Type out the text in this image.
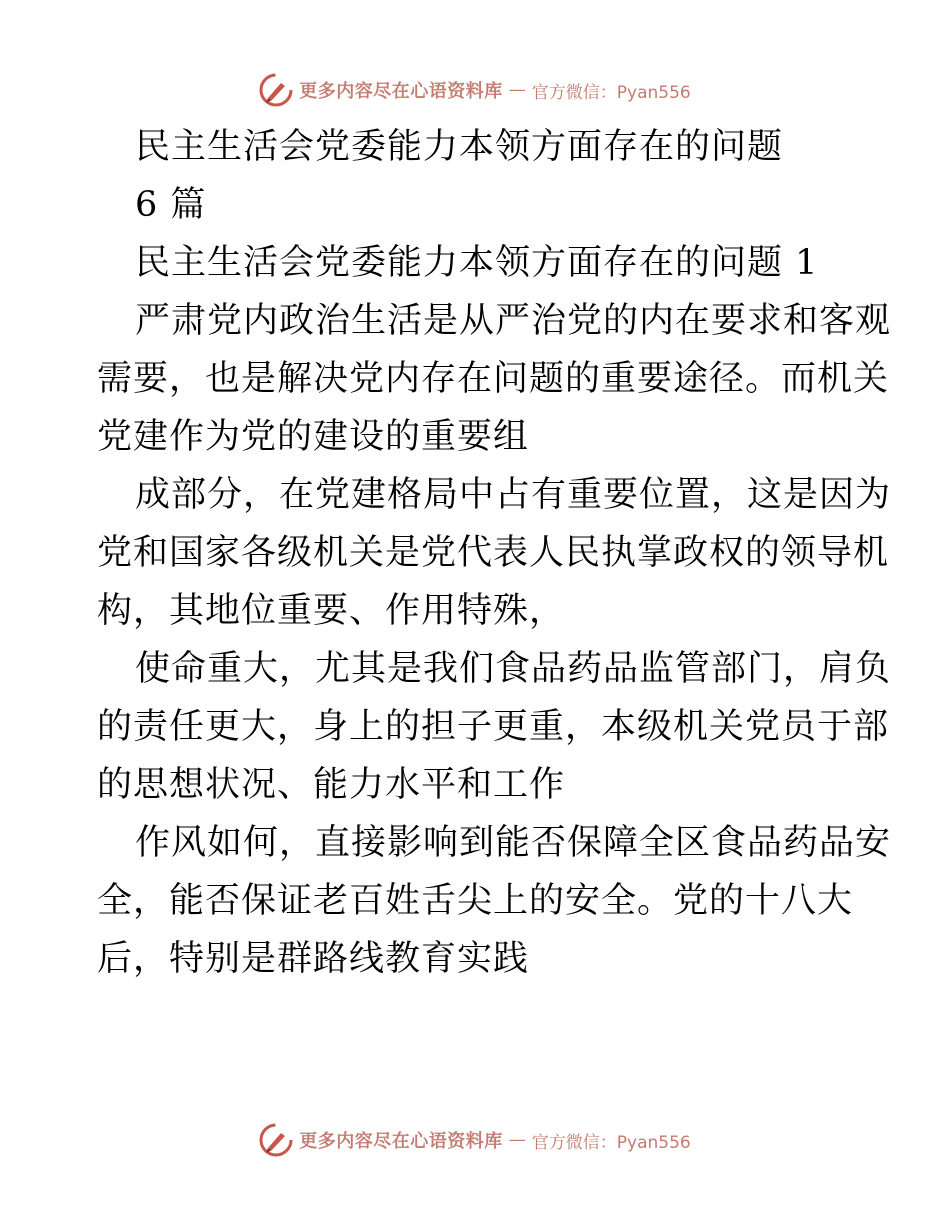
更多内容尽在心语资料库 — 官方微信：Pyan556
民主生活会党委能力本领方面存在的问题
6 篇
民主生活会党委能力本领方面存在的问题 1
严肃党内政治生活是从严治党的内在要求和客观
需要，也是解决党内存在问题的重要途径。而机关
党建作为党的建设的重要组
成部分，在党建格局中占有重要位置，这是因为
党和国家各级机关是党代表人民执掌政权的领导机
构，其地位重要、作用特殊，
使命重大，尤其是我们食品药品监管部门，肩负
的责任更大，身上的担子更重，本级机关党员于部
的思想状况、能力水平和工作
作风如何，直接影响到能否保障全区食品药品安
全，能否保证老百姓舌尖上的安全。党的十八大
后，特别是群路线教育实践
更多内容尽在心语资料库 — 官方微信：Pyan556
